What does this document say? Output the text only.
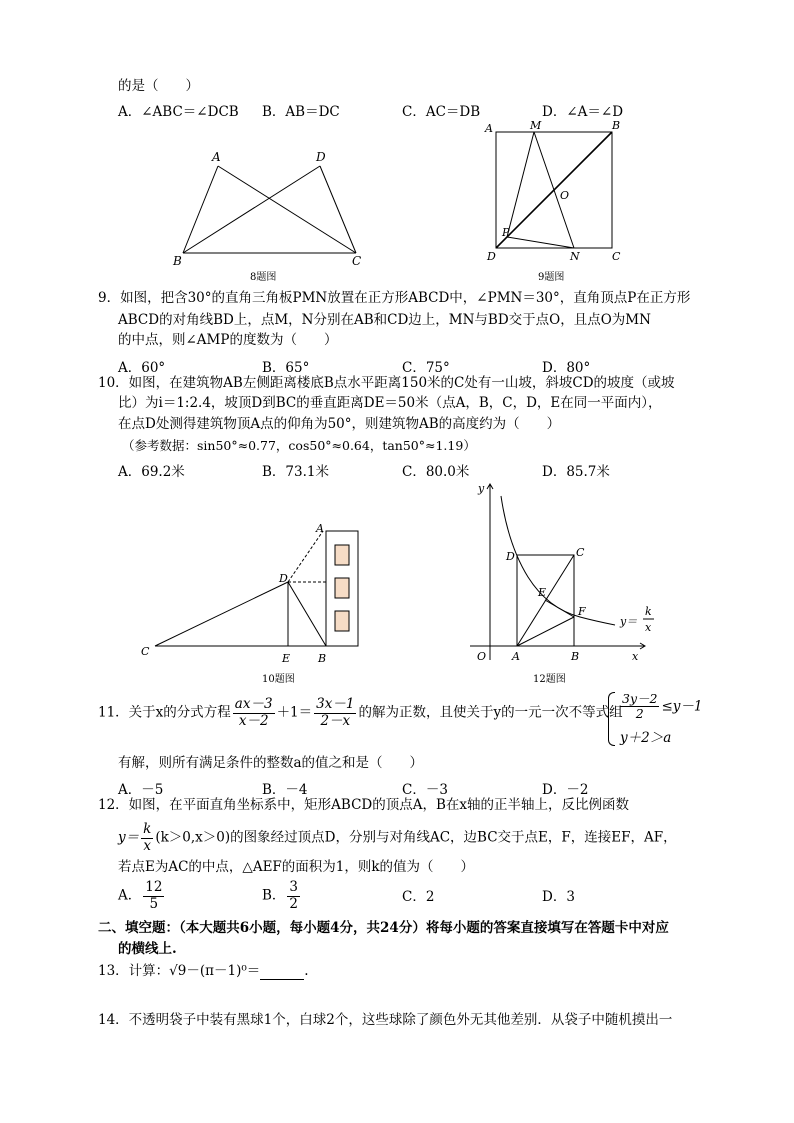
的是（　　）
A．∠ABC＝∠DCB B．AB＝DC	C．AC＝DB	D．∠A＝∠D
A	D
B	C
8题图
A	M	B
O
P
D	N	C
9题图
9．如图，把含30°的直角三角板PMN放置在正方形ABCD中，∠PMN＝30°，直角顶点P在正方形
ABCD的对角线BD上，点M，N分别在AB和CD边上，MN与BD交于点O，且点O为MN
的中点，则∠AMP的度数为（　　）
A．60°	B．65°	C．75°	D．80°
10．如图，在建筑物AB左侧距离楼底B点水平距离150米的C处有一山坡，斜坡CD的坡度（或坡
比）为i＝1:2.4，坡顶D到BC的垂直距离DE＝50米（点A，B，C，D，E在同一平面内），
在点D处测得建筑物顶A点的仰角为50°，则建筑物AB的高度约为（　　）
（参考数据：sin50°≈0.77，cos50°≈0.64，tan50°≈1.19）
A．69.2米	B．73.1米	C．80.0米	D．85.7米
A
D
C
E	B
10题图
y
x
O A	B
C
D
E
F
y＝
k
x
12题图
11．关于x的分式方程 $\frac{ax-3}{x-2} +1= \frac{3x-1}{2-x}$ 的解为正数，且使关于y的一元一次不等式组
$\frac{3y-2}{2} \le y-1$
y＋2＞a
有解，则所有满足条件的整数a的值之和是（　　）
A．－5	B．－4	C．－3	D．－2
12．如图，在平面直角坐标系中，矩形ABCD的顶点A，B在x轴的正半轴上，反比例函数
$y= \frac{k}{x} (k>0,x>0)$的图象经过顶点D，分别与对角线AC，边BC交于点E，F，连接EF，AF，
若点E为AC的中点，△AEF的面积为1，则k的值为（　　）
A． $\frac{12}{5}$	B． $\frac{3}{2}$	C．2	D．3
二、填空题：（本大题共6小题，每小题4分，共24分）将每小题的答案直接填写在答题卡中对应
的横线上.
13．计算：√9－(π－1)⁰＝	.
14．不透明袋子中装有黑球1个，白球2个，这些球除了颜色外无其他差别．从袋子中随机摸出一
